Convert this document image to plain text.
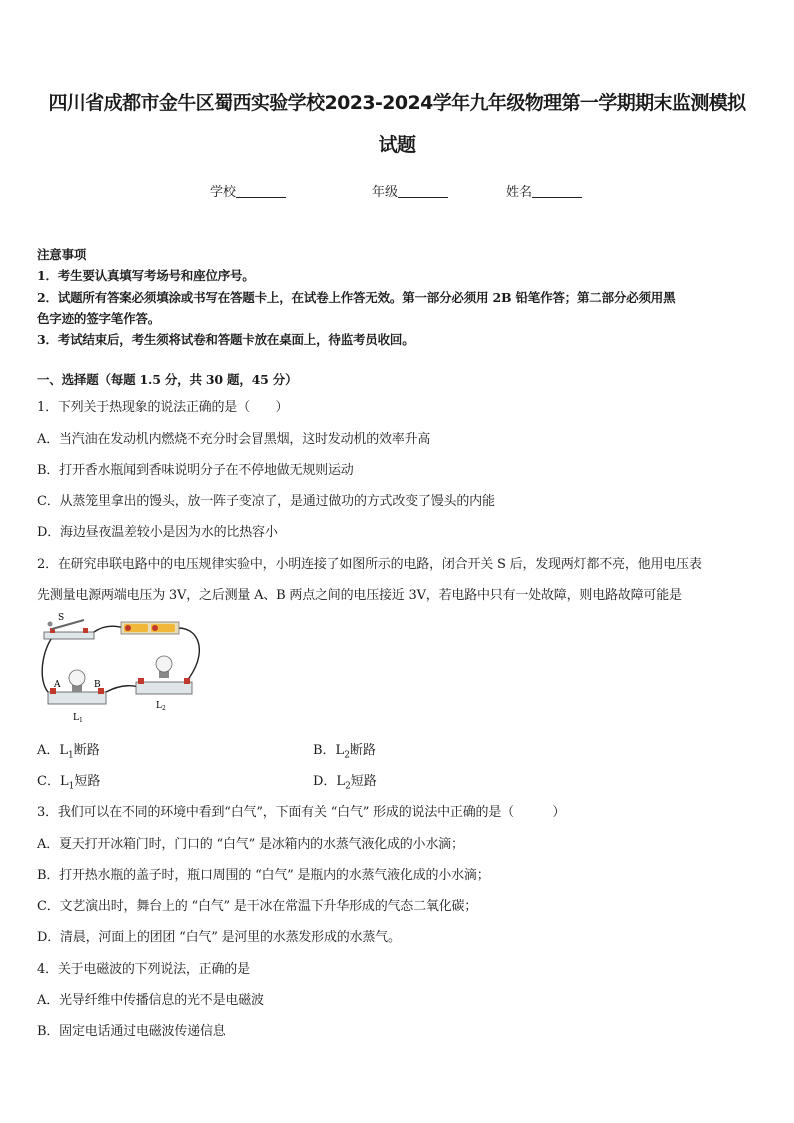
四川省成都市金牛区蜀西实验学校2023-2024学年九年级物理第一学期期末监测模拟
试题
学校	年级	姓名
注意事项
1．考生要认真填写考场号和座位序号。
2．试题所有答案必须填涂或书写在答题卡上，在试卷上作答无效。第一部分必须用 2B 铅笔作答；第二部分必须用黑
色字迹的签字笔作答。
3．考试结束后，考生须将试卷和答题卡放在桌面上，待监考员收回。
一、选择题（每题 1.5 分，共 30 题，45 分）
1．下列关于热现象的说法正确的是（　　）
A．当汽油在发动机内燃烧不充分时会冒黑烟，这时发动机的效率升高
B．打开香水瓶闻到香味说明分子在不停地做无规则运动
C．从蒸笼里拿出的馒头，放一阵子变凉了，是通过做功的方式改变了馒头的内能
D．海边昼夜温差较小是因为水的比热容小
2．在研究串联电路中的电压规律实验中，小明连接了如图所示的电路，闭合开关 S 后，发现两灯都不亮，他用电压表
先测量电源两端电压为 3V，之后测量 A、B 两点之间的电压接近 3V，若电路中只有一处故障，则电路故障可能是
S
A	B
$L_1$
$L_2$
A．$L_1$断路	B．$L_2$断路
C．$L_1$短路	D．$L_2$短路
3．我们可以在不同的环境中看到“白气”，下面有关 “白气” 形成的说法中正确的是（　　　）
A．夏天打开冰箱门时，门口的 “白气” 是冰箱内的水蒸气液化成的小水滴；
B．打开热水瓶的盖子时，瓶口周围的 “白气” 是瓶内的水蒸气液化成的小水滴；
C．文艺演出时，舞台上的 “白气” 是干冰在常温下升华形成的气态二氧化碳；
D．清晨，河面上的团团 “白气” 是河里的水蒸发形成的水蒸气。
4．关于电磁波的下列说法，正确的是
A．光导纤维中传播信息的光不是电磁波
B．固定电话通过电磁波传递信息
